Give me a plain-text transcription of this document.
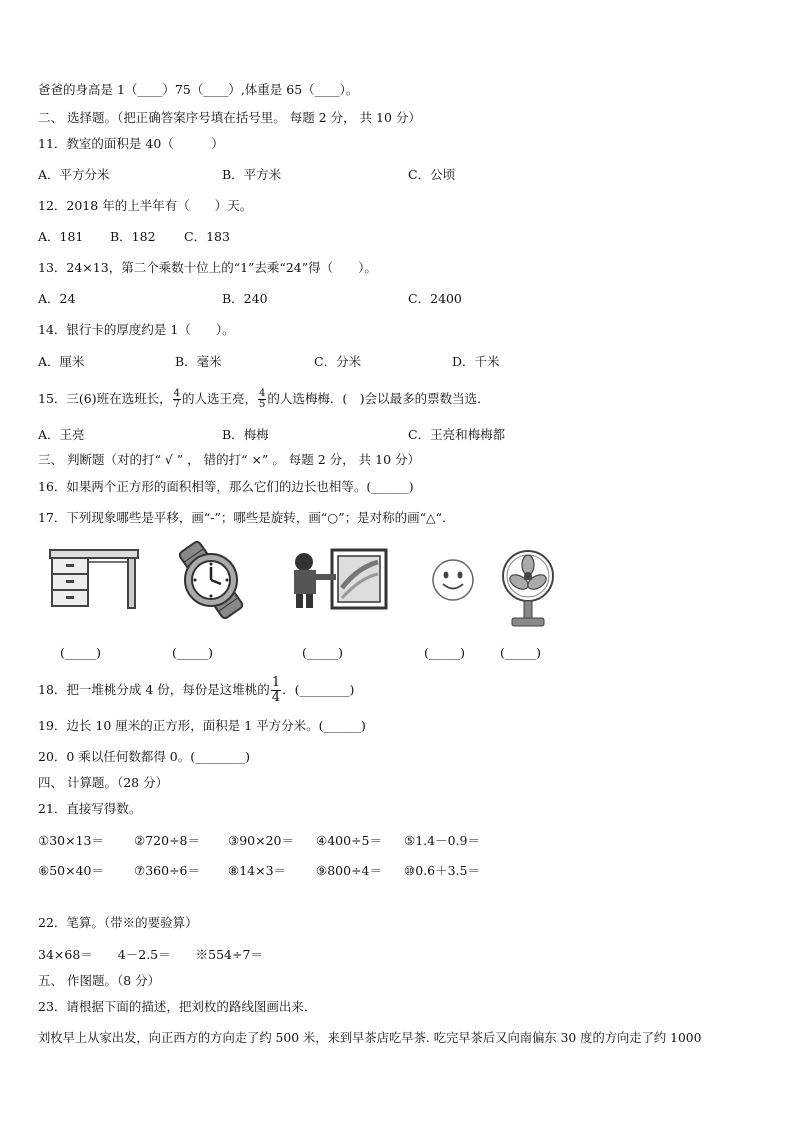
爸爸的身高是 1（____）75（____）,体重是 65（____）。
二、 选择题。（把正确答案序号填在括号里。 每题 2 分， 共 10 分）
11．教室的面积是 40（　　　）
A．平方分米	B．平方米	C．公顷
12．2018 年的上半年有（　　）天。
A．181 B．182 C．183
13．24×13，第二个乘数十位上的“1”去乘“24”得（　　）。
A．24	B．240	C．2400
14．银行卡的厚度约是 1（　　）。
A．厘米	B．毫米	C．分米	D．千米
15．三(6)班在选班长， $\frac{4}{7}$ 的人选王亮， $\frac{4}{5}$ 的人选梅梅．(　)会以最多的票数当选．
A．王亮	B．梅梅	C．王亮和梅梅都
三、 判断题（对的打“ √ ” ， 错的打“ ×” 。 每题 2 分， 共 10 分）
16．如果两个正方形的面积相等，那么它们的边长也相等。(______)
17．下列现象哪些是平移，画“-”；哪些是旋转，画“○”；是对称的画“△“．
(_____)	(_____)	(_____)	(_____)	(_____)
18．把一堆桃分成 4 份，每份是这堆桃的 $\frac{1}{4}$ ．(________)
19．边长 10 厘米的正方形，面积是 1 平方分米。(______)
20．0 乘以任何数都得 0。(________)
四、 计算题。（28 分）
21．直接写得数。
①30×13＝ ②720÷8＝ ③90×20＝ ④400÷5＝ ⑤1.4－0.9＝
⑥50×40＝ ⑦360÷6＝ ⑧14×3＝ ⑨800÷4＝ ⑩0.6＋3.5＝
22．笔算。（带※的要验算）
34×68＝　　4－2.5＝　　※554÷7＝
五、 作图题。（8 分）
23．请根据下面的描述，把刘枚的路线图画出来．
刘枚早上从家出发，向正西方的方向走了约 500 米，来到早茶店吃早茶. 吃完早茶后又向南偏东 30 度的方向走了约 1000
